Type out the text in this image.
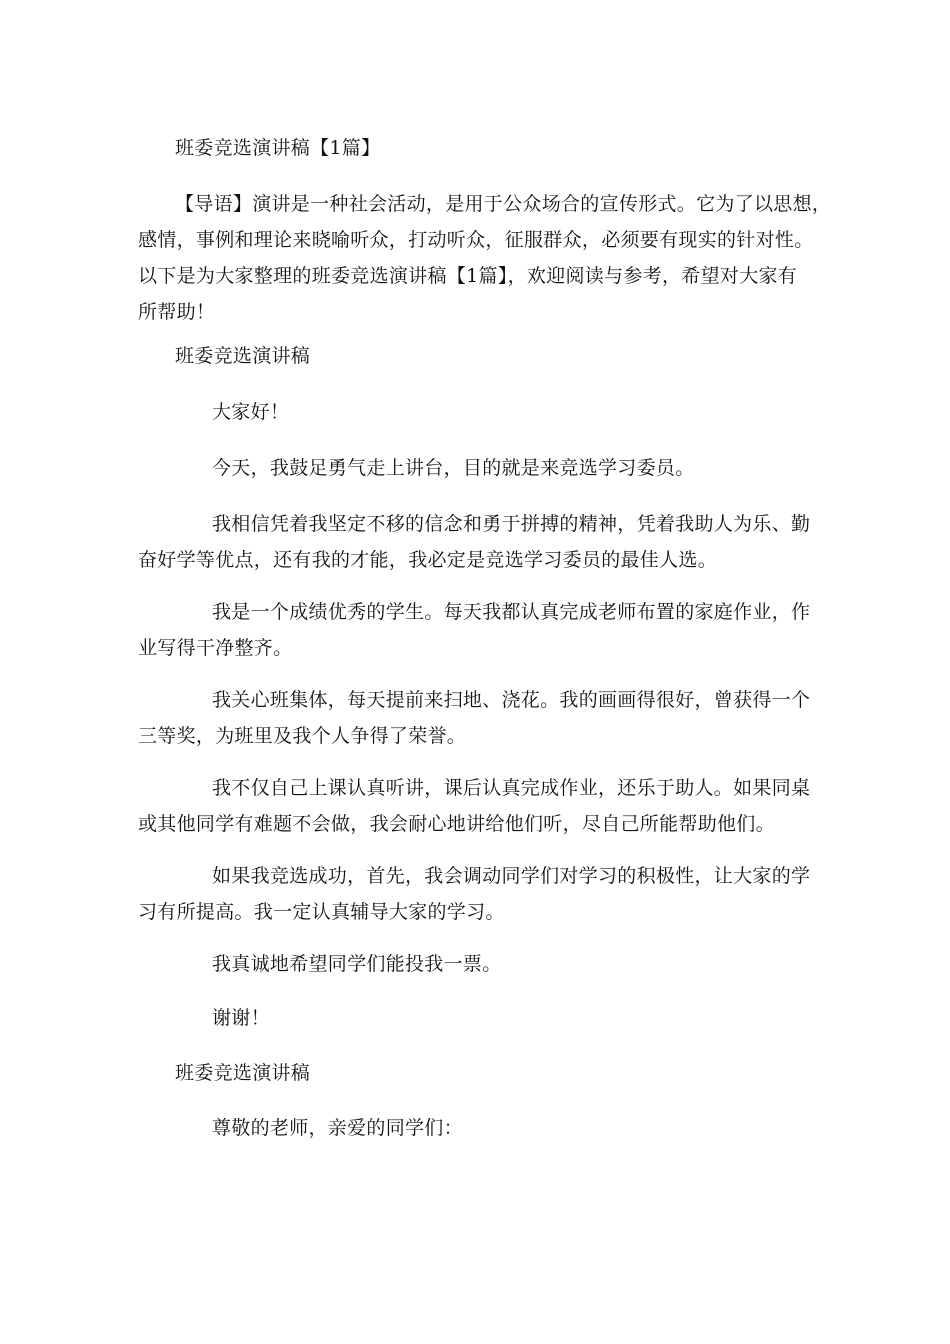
班委竞选演讲稿【1篇】
【导语】演讲是一种社会活动，是用于公众场合的宣传形式。它为了以思想，
感情，事例和理论来晓喻听众，打动听众，征服群众，必须要有现实的针对性。
以下是为大家整理的班委竞选演讲稿【1篇】，欢迎阅读与参考，希望对大家有
所帮助！
班委竞选演讲稿
大家好！
今天，我鼓足勇气走上讲台，目的就是来竞选学习委员。
我相信凭着我坚定不移的信念和勇于拼搏的精神，凭着我助人为乐、勤
奋好学等优点，还有我的才能，我必定是竞选学习委员的最佳人选。
我是一个成绩优秀的学生。每天我都认真完成老师布置的家庭作业，作
业写得干净整齐。
我关心班集体，每天提前来扫地、浇花。我的画画得很好，曾获得一个
三等奖，为班里及我个人争得了荣誉。
我不仅自己上课认真听讲，课后认真完成作业，还乐于助人。如果同桌
或其他同学有难题不会做，我会耐心地讲给他们听，尽自己所能帮助他们。
如果我竞选成功，首先，我会调动同学们对学习的积极性，让大家的学
习有所提高。我一定认真辅导大家的学习。
我真诚地希望同学们能投我一票。
谢谢！
班委竞选演讲稿
尊敬的老师，亲爱的同学们：
